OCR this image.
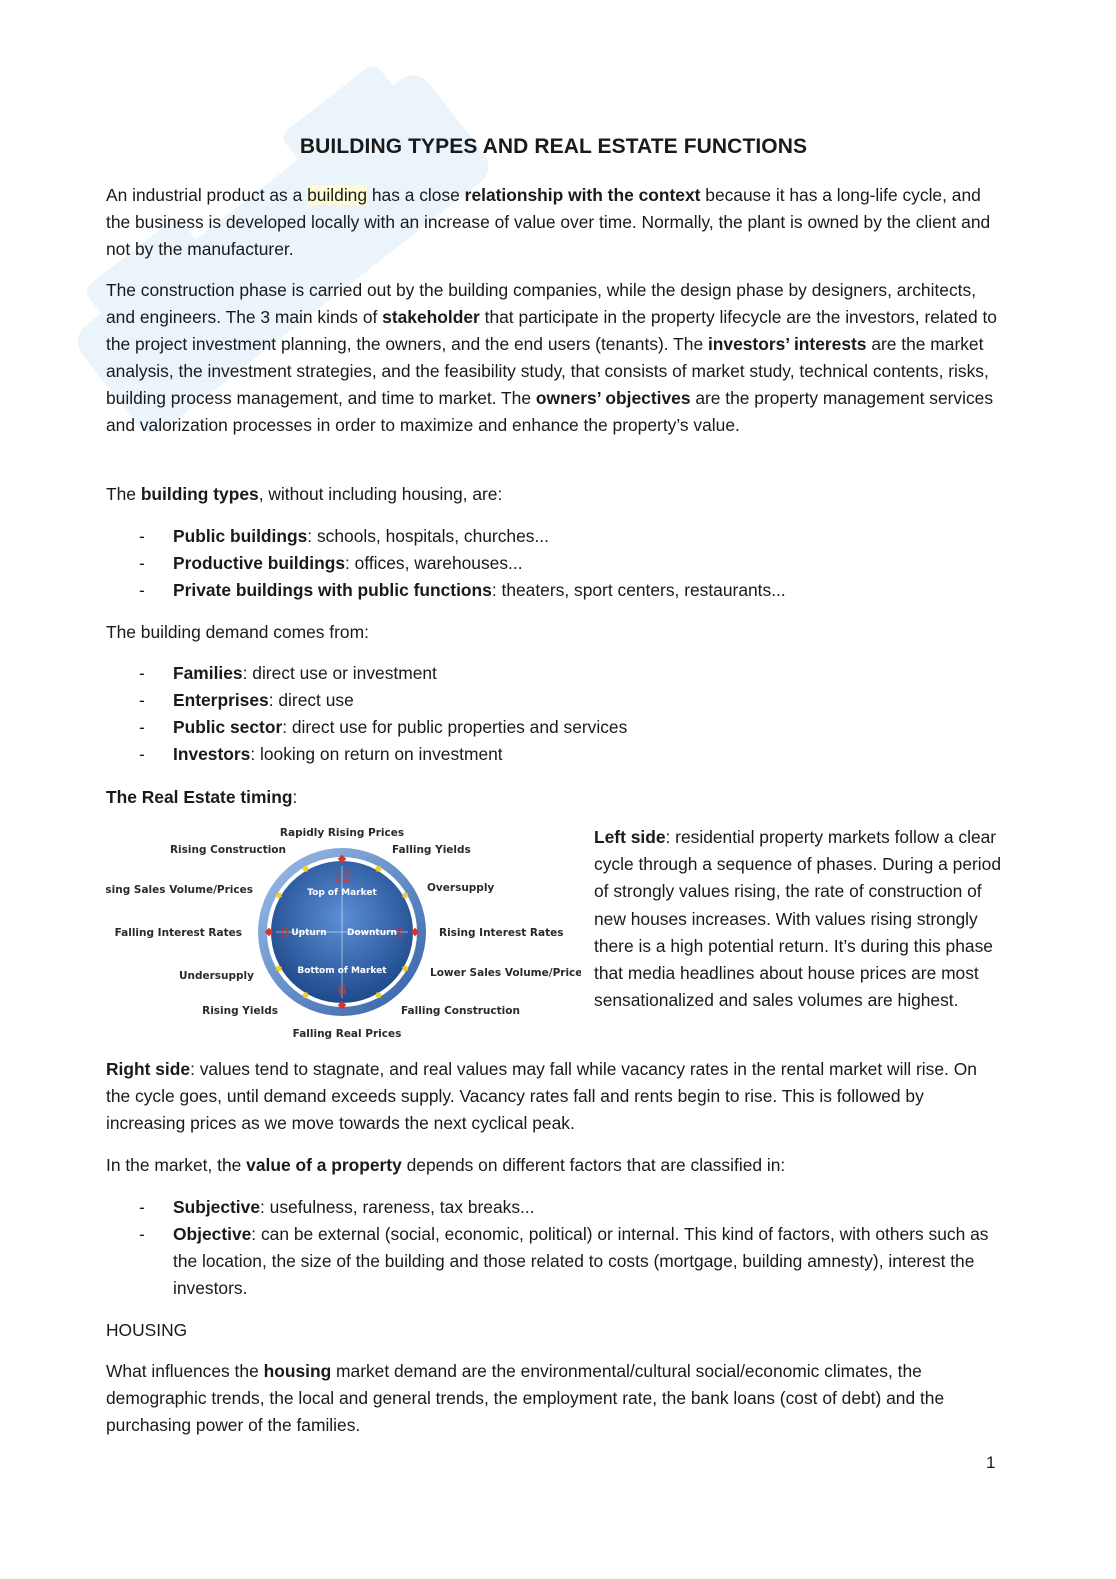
BUILDING TYPES AND REAL ESTATE FUNCTIONS

An industrial product as a building has a close relationship with the context because it has a long-life cycle, and the business is developed locally with an increase of value over time. Normally, the plant is owned by the client and not by the manufacturer.

The construction phase is carried out by the building companies, while the design phase by designers, architects, and engineers. The 3 main kinds of stakeholder that participate in the property lifecycle are the investors, related to the project investment planning, the owners, and the end users (tenants). The investors’ interests are the market analysis, the investment strategies, and the feasibility study, that consists of market study, technical contents, risks, building process management, and time to market. The owners’ objectives are the property management services and valorization processes in order to maximize and enhance the property’s value.

The building types, without including housing, are:

- Public buildings: schools, hospitals, churches...
- Productive buildings: offices, warehouses...
- Private buildings with public functions: theaters, sport centers, restaurants...

The building demand comes from:

- Families: direct use or investment
- Enterprises: direct use
- Public sector: direct use for public properties and services
- Investors: looking on return on investment

The Real Estate timing:

Top of Market
Downturn
Bottom of Market
Upturn
12
3
6
9
Rapidly Rising Prices
Falling Yields
Oversupply
Rising Interest Rates
Lower Sales Volume/Prices
Falling Construction
Falling Real Prices
Rising Yields
Undersupply
Falling Interest Rates
Rising Sales Volume/Prices
Rising Construction

Left side: residential property markets follow a clear cycle through a sequence of phases. During a period of strongly values rising, the rate of construction of new houses increases. With values rising strongly there is a high potential return. It’s during this phase that media headlines about house prices are most sensationalized and sales volumes are highest.

Right side: values tend to stagnate, and real values may fall while vacancy rates in the rental market will rise. On the cycle goes, until demand exceeds supply. Vacancy rates fall and rents begin to rise. This is followed by increasing prices as we move towards the next cyclical peak.

In the market, the value of a property depends on different factors that are classified in:

- Subjective: usefulness, rareness, tax breaks...
- Objective: can be external (social, economic, political) or internal. This kind of factors, with others such as the location, the size of the building and those related to costs (mortgage, building amnesty), interest the investors.

HOUSING

What influences the housing market demand are the environmental/cultural social/economic climates, the demographic trends, the local and general trends, the employment rate, the bank loans (cost of debt) and the purchasing power of the families.

1
